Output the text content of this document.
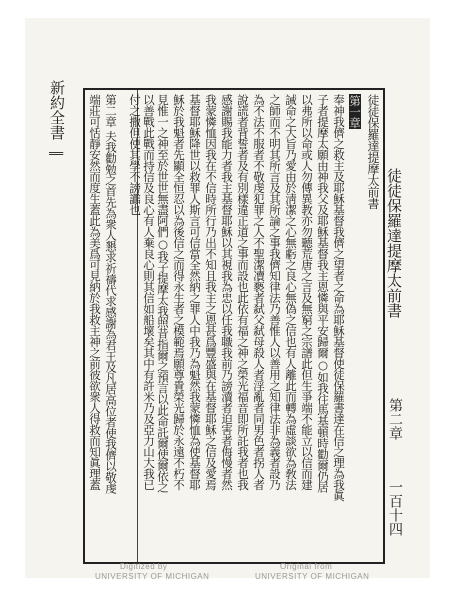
徒徒保羅達提摩太前書
第二章
一百十四
新約全書
║	徒徒保羅達提摩太前書
第一章
奉神我儕之救主及耶穌基督我儕之望者之命為耶穌基督使徒保羅書達在信之理為我眞
子者提摩太願由神我父及耶穌基督我主恩憐與平安歸爾○如我往馬基頓時勸爾仍居
以弗所以命或人勿傳異教亦勿聽荒唐之言及無窮之宗譜此但生爭端不能立以信而建
誡命之大旨乃愛由於淸潔之心無虧之良心無偽之信也有人離此而轉為虛談欲為敎法
之師而不明其所言及其所論之事我儕知律法乃善惟人以善用之知律法非為義者設乃
為不法不服者不敬虔犯罪之人不聖潔凟褻者弑父弑母殺人者淫亂者同男色者拐人者
說謊者背誓者及有別樣違正道之事而設也此依有福之神之榮光福音即所託我者也我
感謝賜我能力者我主基督耶穌以其視我為忠以任我職我前乃謗瀆者迫害者侮慢者然
我蒙憐恤因我在不信時所行乃出不知且我主之恩甚爲豐盛與在基督耶穌之信及愛焉
基督耶穌降世以救罪人斯言可信當全然納之罪人中我乃為魁然我蒙憐恤為使基督耶
穌於我魁者先顯全恒忍以為後信之而得永生者之模範焉願尊貴榮光歸於永遠不朽不
見惟一之神至於世世無盡阿們○我子提摩太我照昔指爾之預言以此命託爾使爾依之
以善戰此戰而持信及良心有人棄良心則其信如船壞矣其中有許米乃及亞力山大我已
付之撒但使其學不謗讟也
第二章 夫我勸勉之首先為衆人懇求祈禱代求感謝為君王及凡居高位者使我儕以敬虔
端莊可恬靜安然而度生蓋此為美爲可見納於我救主神之前彼欲衆人得救而知眞理蓋
Digitized by
UNIVERSITY OF MICHIGAN
Original from
UNIVERSITY OF MICHIGAN
